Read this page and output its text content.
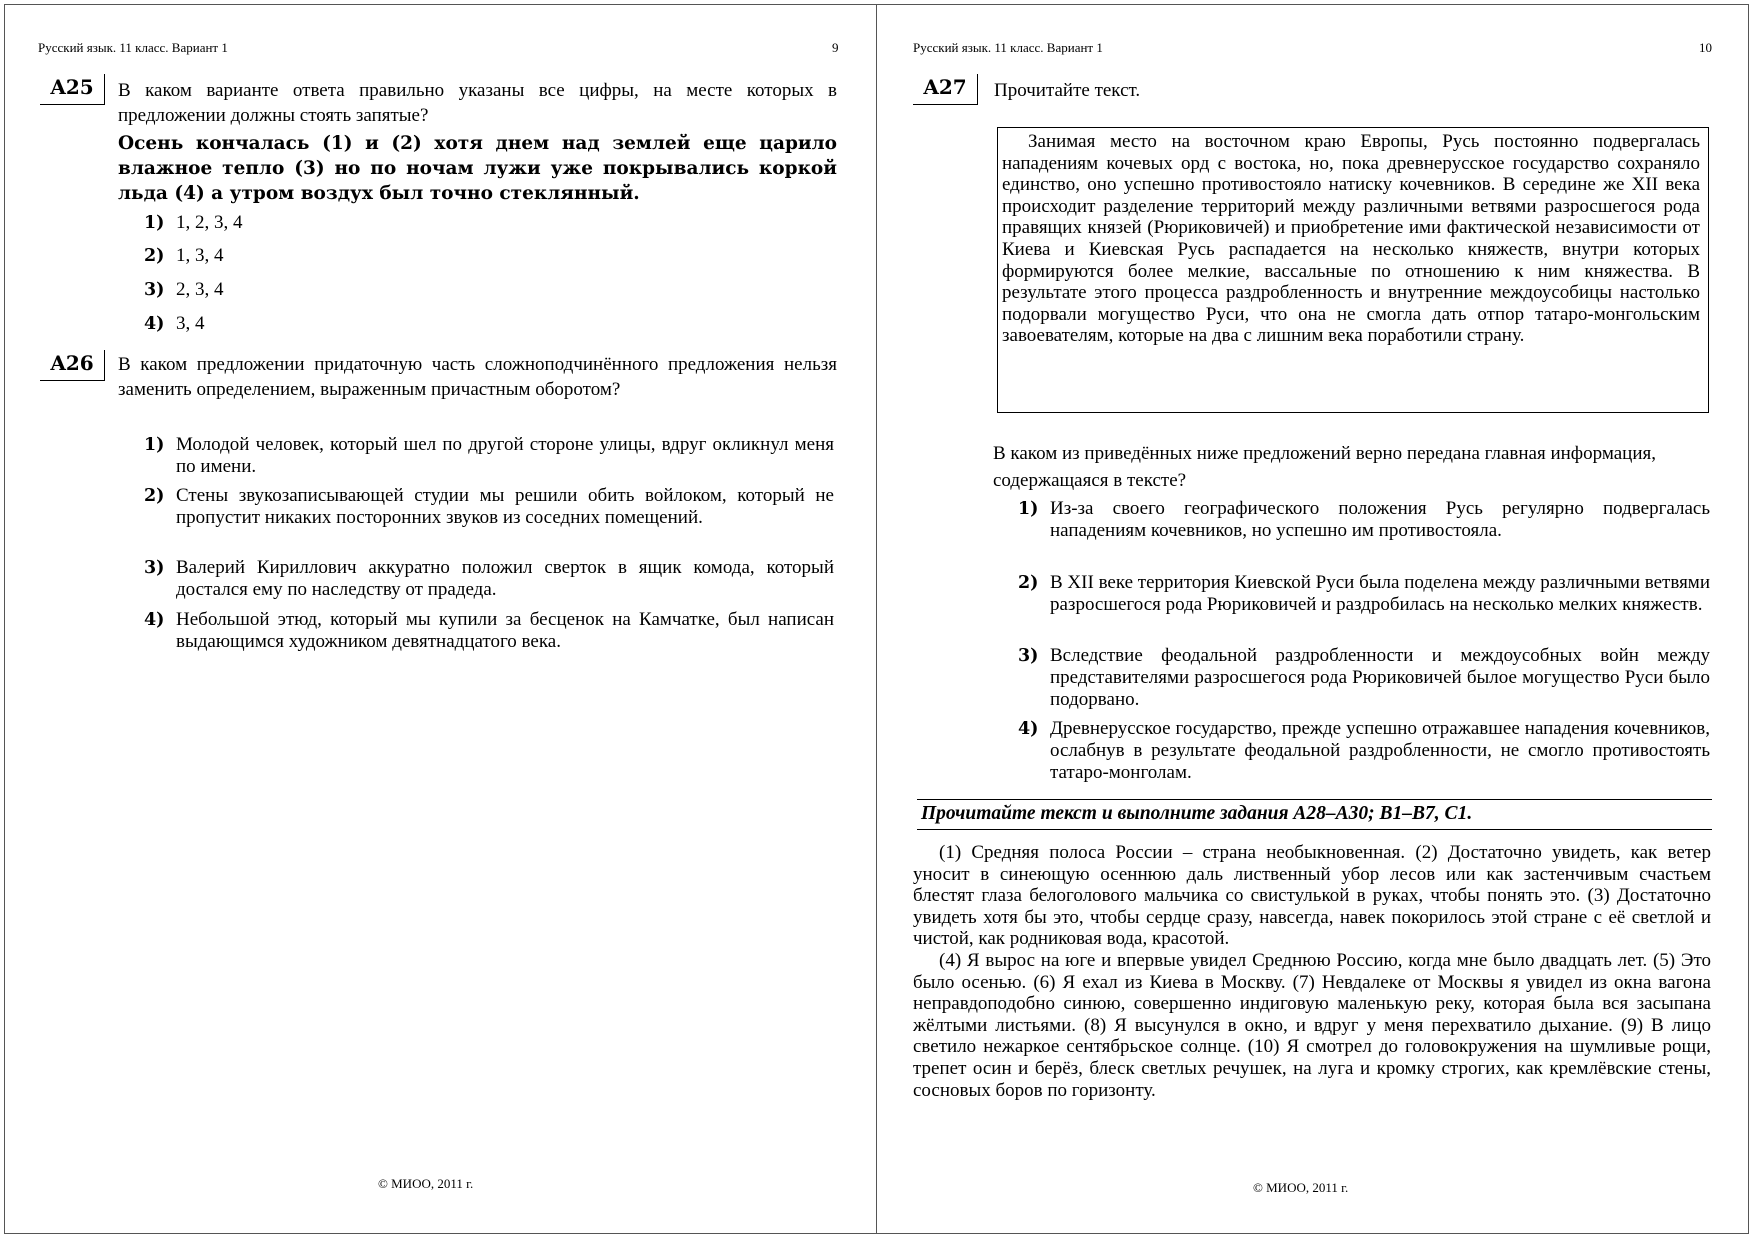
Русский язык. 11 класс. Вариант 1	9
A25	В каком варианте ответа правильно указаны все цифры, на месте которых в предложении должны стоять запятые?
Осень кончалась (1) и (2) хотя днем над землей еще царило влажное тепло (3) но по ночам лужи уже покрывались коркой льда (4) а утром воздух был точно стеклянный.
1) 1, 2, 3, 4
2) 1, 3, 4
3) 2, 3, 4
4) 3, 4
A26	В каком предложении придаточную часть сложноподчинённого предложения нельзя заменить определением, выраженным причастным оборотом?
1) Молодой человек, который шел по другой стороне улицы, вдруг окликнул меня по имени.
2) Стены звукозаписывающей студии мы решили обить войлоком, который не пропустит никаких посторонних звуков из соседних помещений.
3) Валерий Кириллович аккуратно положил сверток в ящик комода, который достался ему по наследству от прадеда.
4) Небольшой этюд, который мы купили за бесценок на Камчатке, был написан выдающимся художником девятнадцатого века.
© МИОО, 2011 г.
Русский язык. 11 класс. Вариант 1	10
A27	Прочитайте текст.

Занимая место на восточном краю Европы, Русь постоянно подвергалась нападениям кочевых орд с востока, но, пока древнерусское государство сохраняло единство, оно успешно противостояло натиску кочевников. В середине же XII века происходит разделение территорий между различными ветвями разросшегося рода правящих князей (Рюриковичей) и приобретение ими фактической независимости от Киева и Киевская Русь распадается на несколько княжеств, внутри которых формируются более мелкие, вассальные по отношению к ним княжества. В результате этого процесса раздробленность и внутренние междоусобицы настолько подорвали могущество Руси, что она не смогла дать отпор татаро-монгольским завоевателям, которые на два с лишним века поработили страну.

В каком из приведённых ниже предложений верно передана главная информация, содержащаяся в тексте?
1) Из-за своего географического положения Русь регулярно подвергалась нападениям кочевников, но успешно им противостояла.
2) В XII веке территория Киевской Руси была поделена между различными ветвями разросшегося рода Рюриковичей и раздробилась на несколько мелких княжеств.
3) Вследствие феодальной раздробленности и междоусобных войн между представителями разросшегося рода Рюриковичей былое могущество Руси было подорвано.
4) Древнерусское государство, прежде успешно отражавшее нападения кочевников, ослабнув в результате феодальной раздробленности, не смогло противостоять татаро-монголам.
Прочитайте текст и выполните задания А28–А30; В1–В7, С1.

(1) Средняя полоса России – страна необыкновенная. (2) Достаточно увидеть, как ветер уносит в синеющую осеннюю даль лиственный убор лесов или как застенчивым счастьем блестят глаза белоголового мальчика со свистулькой в руках, чтобы понять это. (3) Достаточно увидеть хотя бы это, чтобы сердце сразу, навсегда, навек покорилось этой стране с её светлой и чистой, как родниковая вода, красотой.

(4) Я вырос на юге и впервые увидел Среднюю Россию, когда мне было двадцать лет. (5) Это было осенью. (6) Я ехал из Киева в Москву. (7) Невдалеке от Москвы я увидел из окна вагона неправдоподобно синюю, совершенно индиговую маленькую реку, которая была вся засыпана жёлтыми листьями. (8) Я высунулся в окно, и вдруг у меня перехватило дыхание. (9) В лицо светило нежаркое сентябрьское солнце. (10) Я смотрел до головокружения на шумливые рощи, трепет осин и берёз, блеск светлых речушек, на луга и кромку строгих, как кремлёвские стены, сосновых боров по горизонту.

© МИОО, 2011 г.
